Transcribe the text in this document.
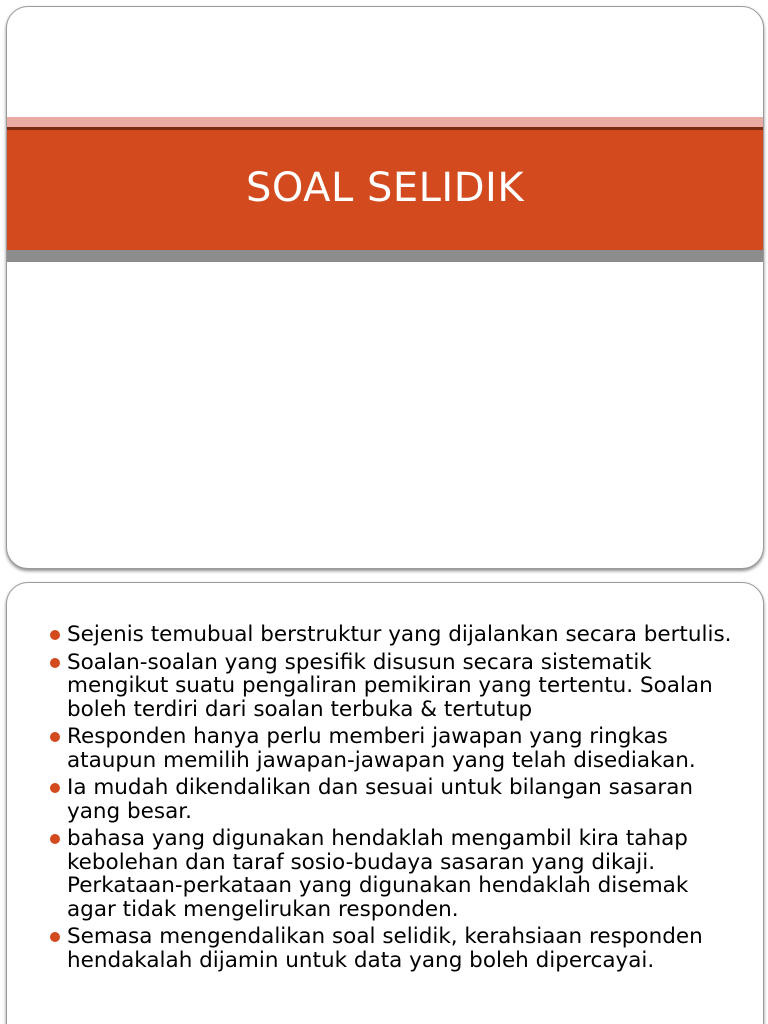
SOAL SELIDIK
Sejenis temubual berstruktur yang dijalankan secara bertulis.
Soalan-soalan yang spesifik disusun secara sistematik mengikut suatu pengaliran pemikiran yang tertentu. Soalan boleh terdiri dari soalan terbuka & tertutup
Responden hanya perlu memberi jawapan yang ringkas ataupun memilih jawapan-jawapan yang telah disediakan.
Ia mudah dikendalikan dan sesuai untuk bilangan sasaran yang besar.
bahasa yang digunakan hendaklah mengambil kira tahap kebolehan dan taraf sosio-budaya sasaran yang dikaji. Perkataan-perkataan yang digunakan hendaklah disemak agar tidak mengelirukan responden.
Semasa mengendalikan soal selidik, kerahsiaan responden hendakalah dijamin untuk data yang boleh dipercayai.
